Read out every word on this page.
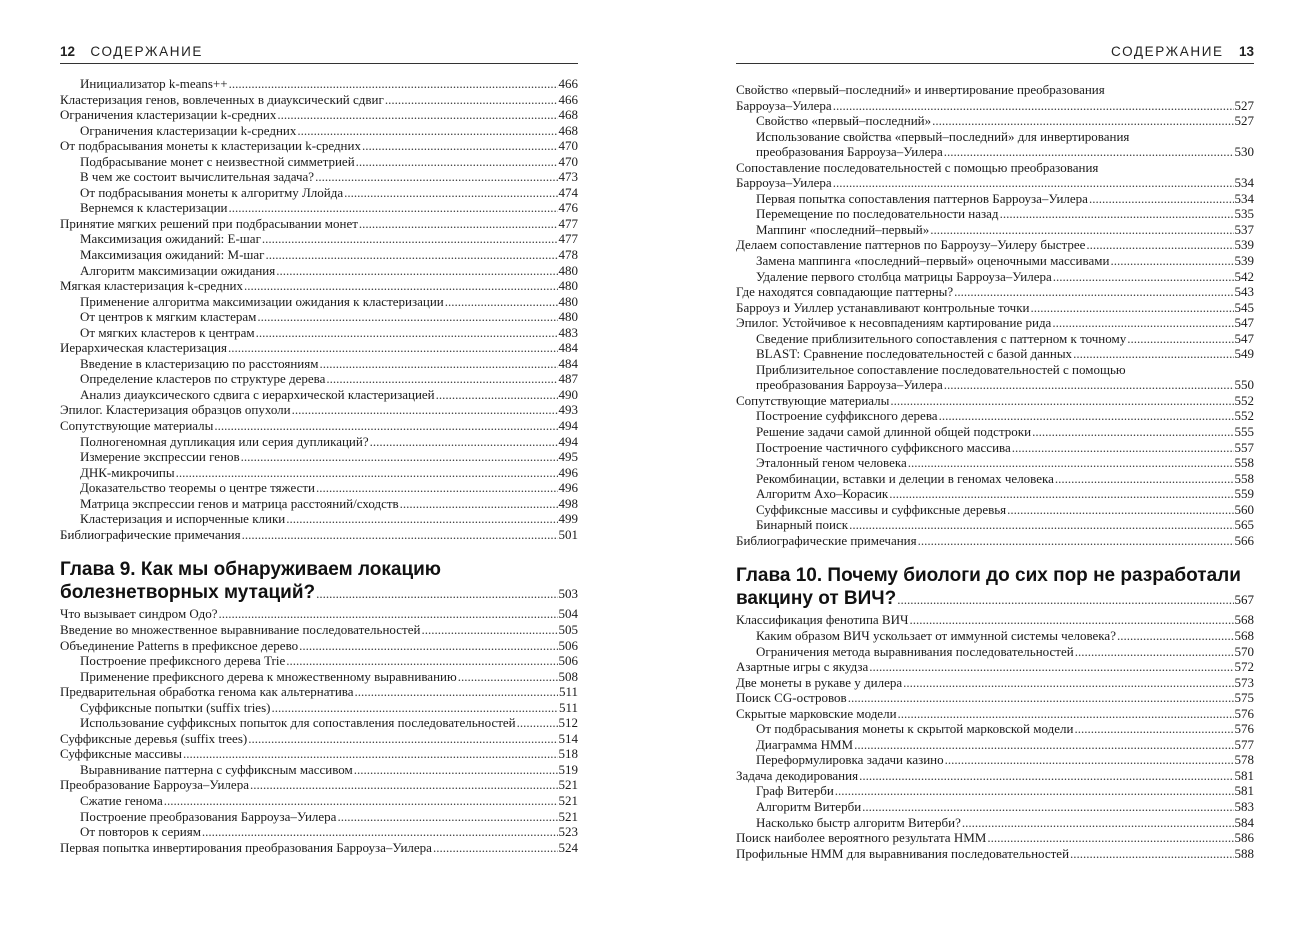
12 СОДЕРЖАНИЕ
Инициализатор k-means++ .....	466
Кластеризация генов, вовлеченных в диауксический сдвиг .....	466
Ограничения кластеризации k-средних .....	468
Ограничения кластеризации k-средних .....	468
От подбрасывания монеты к кластеризации k-средних .....	470
Подбрасывание монет с неизвестной симметрией .....	470
В чем же состоит вычислительная задача? .....	473
От подбрасывания монеты к алгоритму Ллойда .....	474
Вернемся к кластеризации .....	476
Принятие мягких решений при подбрасывании монет .....	477
Максимизация ожиданий: E-шаг .....	477
Максимизация ожиданий: M-шаг .....	478
Алгоритм максимизации ожидания .....	480
Мягкая кластеризация k-средних .....	480
Применение алгоритма максимизации ожидания к кластеризации .....	480
От центров к мягким кластерам .....	480
От мягких кластеров к центрам .....	483
Иерархическая кластеризация .....	484
Введение в кластеризацию по расстояниям .....	484
Определение кластеров по структуре дерева .....	487
Анализ диауксического сдвига с иерархической кластеризацией .....	490
Эпилог. Кластеризация образцов опухоли .....	493
Сопутствующие материалы .....	494
Полногеномная дупликация или серия дупликаций? .....	494
Измерение экспрессии генов .....	495
ДНК-микрочипы .....	496
Доказательство теоремы о центре тяжести .....	496
Матрица экспрессии генов и матрица расстояний/сходств .....	498
Кластеризация и испорченные клики .....	499
Библиографические примечания .....	501
Глава 9. Как мы обнаруживаем локацию
болезнетворных мутаций? .....	503
Что вызывает синдром Одо? .....	504
Введение во множественное выравнивание последовательностей .....	505
Объединение Patterns в префиксное дерево .....	506
Построение префиксного дерева Trie .....	506
Применение префиксного дерева к множественному выравниванию .....	508
Предварительная обработка генома как альтернатива .....	511
Суффиксные попытки (suffix tries) .....	511
Использование суффиксных попыток для сопоставления последовательностей .....	512
Суффиксные деревья (suffix trees) .....	514
Суффиксные массивы .....	518
Выравнивание паттерна с суффиксным массивом .....	519
Преобразование Барроуза–Уилера .....	521
Сжатие генома .....	521
Построение преобразования Барроуза–Уилера .....	521
От повторов к сериям .....	523
Первая попытка инвертирования преобразования Барроуза–Уилера .....	524
СОДЕРЖАНИЕ 13
Свойство «первый–последний» и инвертирование преобразования
Барроуза–Уилера .....	527
Свойство «первый–последний» .....	527
Использование свойства «первый–последний» для инвертирования
преобразования Барроуза–Уилера .....	530
Сопоставление последовательностей с помощью преобразования
Барроуза–Уилера .....	534
Первая попытка сопоставления паттернов Барроуза–Уилера .....	534
Перемещение по последовательности назад .....	535
Маппинг «последний–первый» .....	537
Делаем сопоставление паттернов по Барроузу–Уилеру быстрее .....	539
Замена маппинга «последний–первый» оценочными массивами .....	539
Удаление первого столбца матрицы Барроуза–Уилера .....	542
Где находятся совпадающие паттерны? .....	543
Барроуз и Уиллер устанавливают контрольные точки .....	545
Эпилог. Устойчивое к несовпадениям картирование рида .....	547
Сведение приблизительного сопоставления с паттерном к точному .....	547
BLAST: Сравнение последовательностей с базой данных .....	549
Приблизительное сопоставление последовательностей с помощью
преобразования Барроуза–Уилера .....	550
Сопутствующие материалы .....	552
Построение суффиксного дерева .....	552
Решение задачи самой длинной общей подстроки .....	555
Построение частичного суффиксного массива .....	557
Эталонный геном человека .....	558
Рекомбинации, вставки и делеции в геномах человека .....	558
Алгоритм Ахо–Корасик .....	559
Суффиксные массивы и суффиксные деревья .....	560
Бинарный поиск .....	565
Библиографические примечания .....	566
Глава 10. Почему биологи до сих пор не разработали
вакцину от ВИЧ? .....	567
Классификация фенотипа ВИЧ .....	568
Каким образом ВИЧ ускользает от иммунной системы человека? .....	568
Ограничения метода выравнивания последовательностей .....	570
Азартные игры с якудза .....	572
Две монеты в рукаве у дилера .....	573
Поиск CG-островов .....	575
Скрытые марковские модели .....	576
От подбрасывания монеты к скрытой марковской модели .....	576
Диаграмма HMM .....	577
Переформулировка задачи казино .....	578
Задача декодирования .....	581
Граф Витерби .....	581
Алгоритм Витерби .....	583
Насколько быстр алгоритм Витерби? .....	584
Поиск наиболее вероятного результата HMM .....	586
Профильные HMM для выравнивания последовательностей .....	588
